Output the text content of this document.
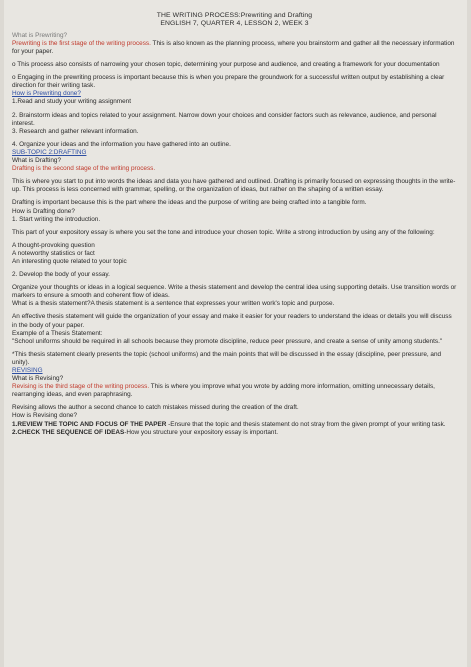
THE WRITING PROCESS:Prewriting and Drafting
ENGLISH 7, QUARTER 4, LESSON 2, WEEK 3

What is Prewriting?

Prewriting is the first stage of the writing process. This is also known as the planning process, where you brainstorm and gather all the necessary information for your paper.

o This process also consists of narrowing your chosen topic, determining your purpose and audience, and creating a framework for your documentation

o Engaging in the prewriting process is important because this is when you prepare the groundwork for a successful written output by establishing a clear direction for their writing task.

How is Prewriting done?

1.Read and study your writing assignment

2. Brainstorm ideas and topics related to your assignment. Narrow down your choices and consider factors such as relevance, audience, and personal interest.

3. Research and gather relevant information.

4. Organize your ideas and the information you have gathered into an outline.

SUB-TOPIC 2:DRAFTING

What is Drafting?

Drafting is the second stage of the writing process.

This is where you start to put into words the ideas and data you have gathered and outlined. Drafting is primarily focused on expressing thoughts in the write-up. This process is less concerned with grammar, spelling, or the organization of ideas, but rather on the shaping of a written essay.

Drafting is important because this is the part where the ideas and the purpose of writing are being crafted into a tangible form.

How is Drafting done?

1. Start writing the introduction.

This part of your expository essay is where you set the tone and introduce your chosen topic. Write a strong introduction by using any of the following:

A thought-provoking question

A noteworthy statistics or fact

An interesting quote related to your topic

2. Develop the body of your essay.

Organize your thoughts or ideas in a logical sequence. Write a thesis statement and develop the central idea using supporting details. Use transition words or markers to ensure a smooth and coherent flow of ideas.

What is a thesis statement?A thesis statement is a sentence that expresses your written work's topic and purpose.

An effective thesis statement will guide the organization of your essay and make it easier for your readers to understand the ideas or details you will discuss in the body of your paper.

Example of a Thesis Statement:

"School uniforms should be required in all schools because they promote discipline, reduce peer pressure, and create a sense of unity among students."

*This thesis statement clearly presents the topic (school uniforms) and the main points that will be discussed in the essay (discipline, peer pressure, and unity).

REVISING

What is Revising?

Revising is the third stage of the writing process. This is where you improve what you wrote by adding more information, omitting unnecessary details, rearranging ideas, and even paraphrasing.

Revising allows the author a second chance to catch mistakes missed during the creation of the draft.

How is Revising done?

1.REVIEW THE TOPIC AND FOCUS OF THE PAPER -Ensure that the topic and thesis statement do not stray from the given prompt of your writing task.

2.CHECK THE SEQUENCE OF IDEAS-How you structure your expository essay is important.
